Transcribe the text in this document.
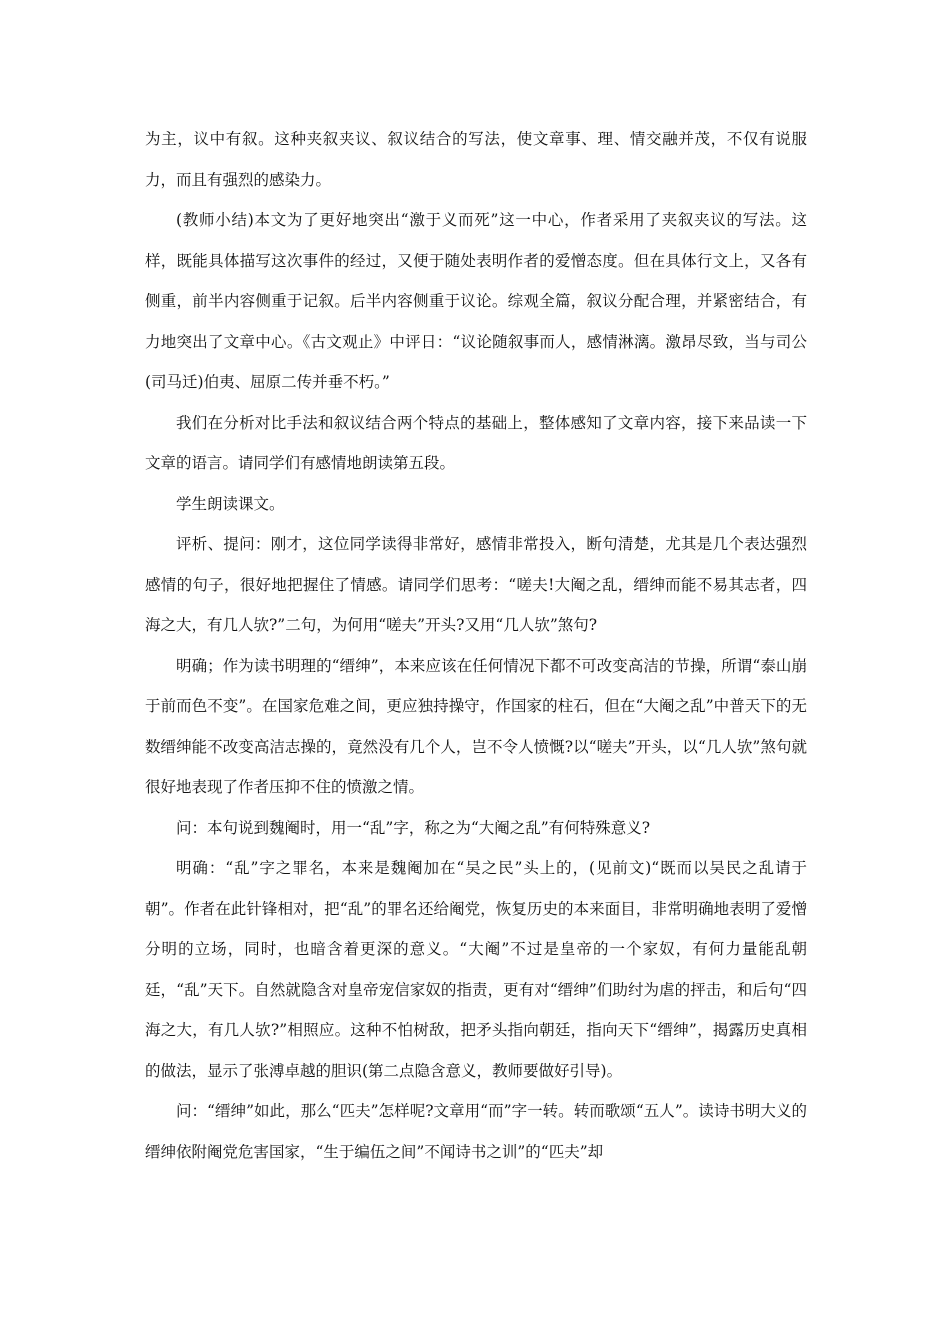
为主，议中有叙。这种夹叙夹议、叙议结合的写法，使文章事、理、情交融并茂，不仅有说服力，而且有强烈的感染力。

(教师小结)本文为了更好地突出“激于义而死”这一中心，作者采用了夹叙夹议的写法。这样，既能具体描写这次事件的经过，又便于随处表明作者的爱憎态度。但在具体行文上，又各有侧重，前半内容侧重于记叙。后半内容侧重于议论。综观全篇，叙议分配合理，并紧密结合，有力地突出了文章中心。《古文观止》中评日：“议论随叙事而人，感情淋漓。激昂尽致，当与司公(司马迁)伯夷、屈原二传并垂不朽。”

我们在分析对比手法和叙议结合两个特点的基础上，整体感知了文章内容，接下来品读一下文章的语言。请同学们有感情地朗读第五段。

学生朗读课文。

评析、提问：刚才，这位同学读得非常好，感情非常投入，断句清楚，尤其是几个表达强烈感情的句子，很好地把握住了情感。请同学们思考：“嗟夫!大阉之乱，缙绅而能不易其志者，四海之大，有几人欤?”二句，为何用“嗟夫”开头?又用“几人欤”煞句?

明确；作为读书明理的“缙绅”，本来应该在任何情况下都不可改变高洁的节操，所谓“泰山崩于前而色不变”。在国家危难之间，更应独持操守，作国家的柱石，但在“大阉之乱”中普天下的无数缙绅能不改变高洁志操的，竟然没有几个人，岂不令人愤慨?以“嗟夫”开头，以“几人欤”煞句就很好地表现了作者压抑不住的愤激之情。

问：本句说到魏阉时，用一“乱”字，称之为“大阉之乱”有何特殊意义?

明确：“乱”字之罪名，本来是魏阉加在“吴之民”头上的，(见前文)“既而以吴民之乱请于朝”。作者在此针锋相对，把“乱”的罪名还给阉党，恢复历史的本来面目，非常明确地表明了爱憎分明的立场，同时，也暗含着更深的意义。“大阉”不过是皇帝的一个家奴，有何力量能乱朝廷，“乱”天下。自然就隐含对皇帝宠信家奴的指责，更有对“缙绅”们助纣为虐的抨击，和后句“四海之大，有几人欤?”相照应。这种不怕树敌，把矛头指向朝廷，指向天下“缙绅”，揭露历史真相的做法，显示了张溥卓越的胆识(第二点隐含意义，教师要做好引导)。

问：“缙绅”如此，那么“匹夫”怎样呢?文章用“而”字一转。转而歌颂“五人”。读诗书明大义的缙绅依附阉党危害国家，“生于编伍之间”不闻诗书之训”的“匹夫”却
